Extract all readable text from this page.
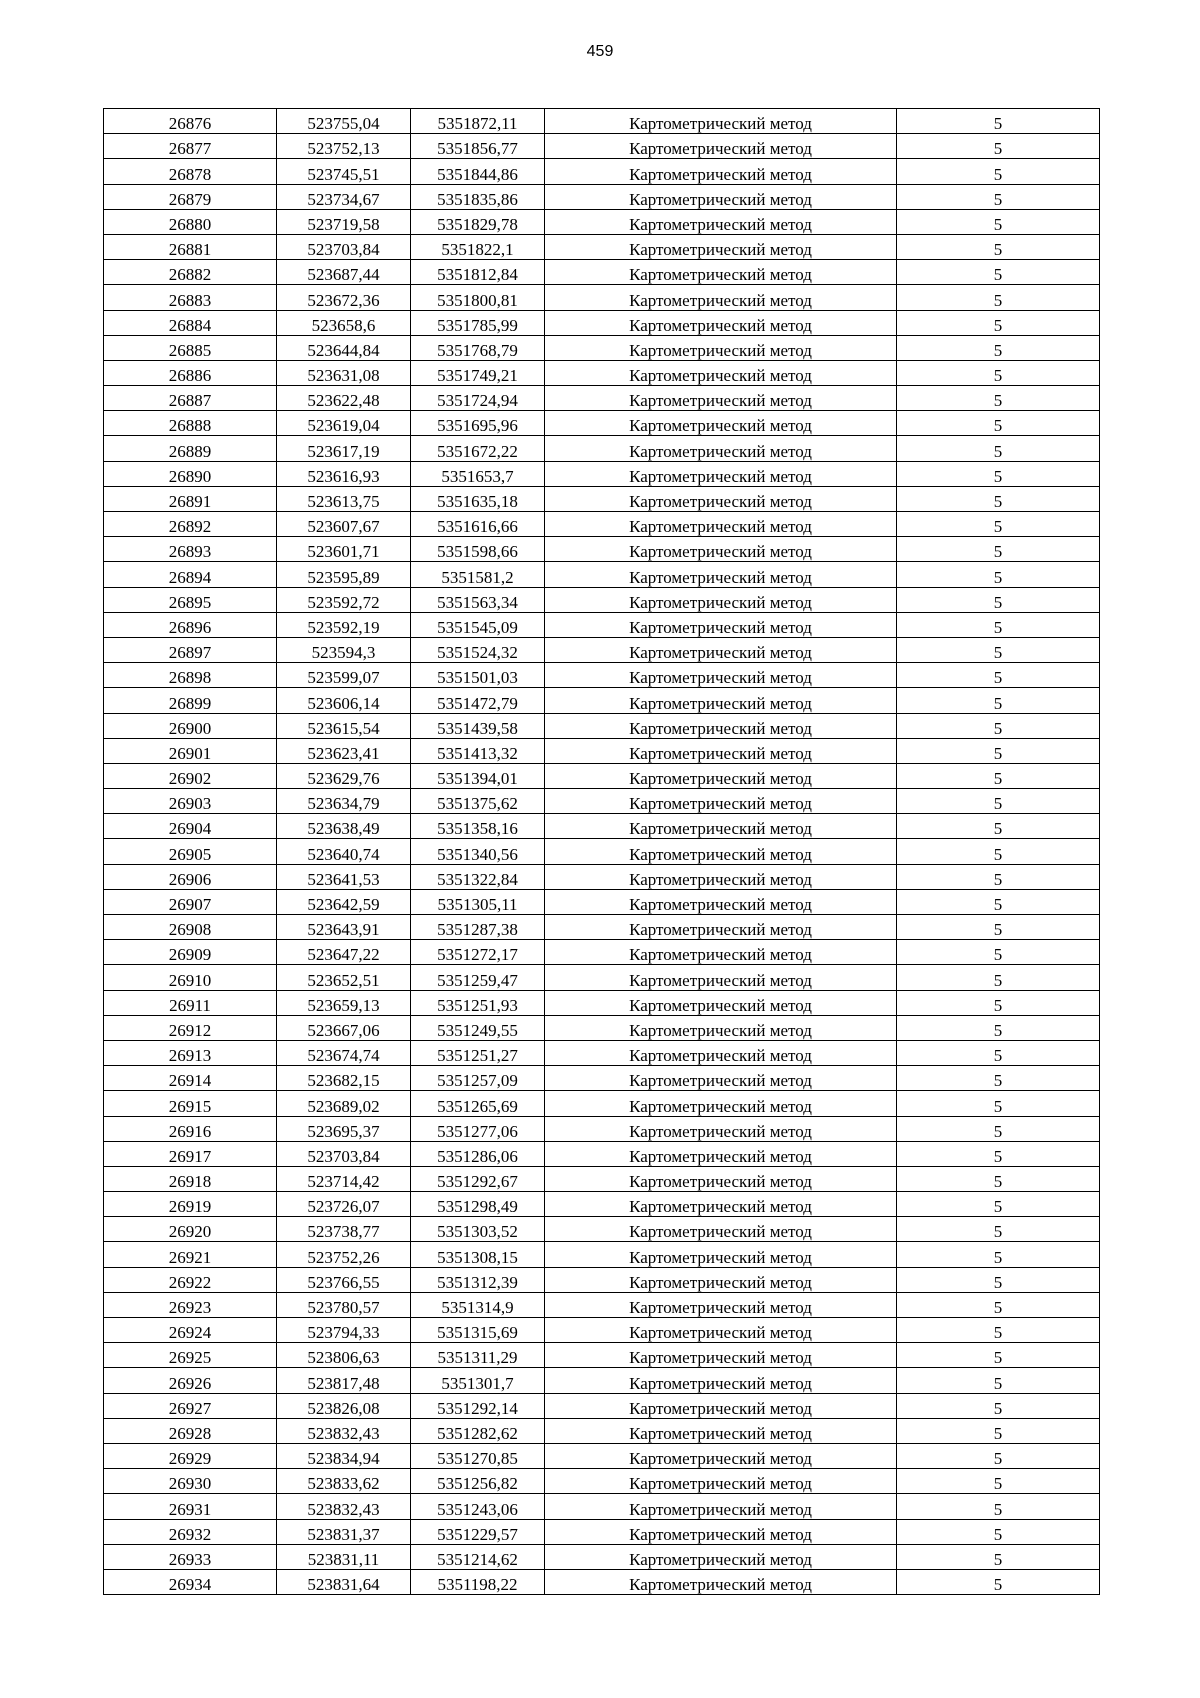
459
26876	523755,04	5351872,11	Картометрический метод	5
26877	523752,13	5351856,77	Картометрический метод	5
26878	523745,51	5351844,86	Картометрический метод	5
26879	523734,67	5351835,86	Картометрический метод	5
26880	523719,58	5351829,78	Картометрический метод	5
26881	523703,84	5351822,1	Картометрический метод	5
26882	523687,44	5351812,84	Картометрический метод	5
26883	523672,36	5351800,81	Картометрический метод	5
26884	523658,6	5351785,99	Картометрический метод	5
26885	523644,84	5351768,79	Картометрический метод	5
26886	523631,08	5351749,21	Картометрический метод	5
26887	523622,48	5351724,94	Картометрический метод	5
26888	523619,04	5351695,96	Картометрический метод	5
26889	523617,19	5351672,22	Картометрический метод	5
26890	523616,93	5351653,7	Картометрический метод	5
26891	523613,75	5351635,18	Картометрический метод	5
26892	523607,67	5351616,66	Картометрический метод	5
26893	523601,71	5351598,66	Картометрический метод	5
26894	523595,89	5351581,2	Картометрический метод	5
26895	523592,72	5351563,34	Картометрический метод	5
26896	523592,19	5351545,09	Картометрический метод	5
26897	523594,3	5351524,32	Картометрический метод	5
26898	523599,07	5351501,03	Картометрический метод	5
26899	523606,14	5351472,79	Картометрический метод	5
26900	523615,54	5351439,58	Картометрический метод	5
26901	523623,41	5351413,32	Картометрический метод	5
26902	523629,76	5351394,01	Картометрический метод	5
26903	523634,79	5351375,62	Картометрический метод	5
26904	523638,49	5351358,16	Картометрический метод	5
26905	523640,74	5351340,56	Картометрический метод	5
26906	523641,53	5351322,84	Картометрический метод	5
26907	523642,59	5351305,11	Картометрический метод	5
26908	523643,91	5351287,38	Картометрический метод	5
26909	523647,22	5351272,17	Картометрический метод	5
26910	523652,51	5351259,47	Картометрический метод	5
26911	523659,13	5351251,93	Картометрический метод	5
26912	523667,06	5351249,55	Картометрический метод	5
26913	523674,74	5351251,27	Картометрический метод	5
26914	523682,15	5351257,09	Картометрический метод	5
26915	523689,02	5351265,69	Картометрический метод	5
26916	523695,37	5351277,06	Картометрический метод	5
26917	523703,84	5351286,06	Картометрический метод	5
26918	523714,42	5351292,67	Картометрический метод	5
26919	523726,07	5351298,49	Картометрический метод	5
26920	523738,77	5351303,52	Картометрический метод	5
26921	523752,26	5351308,15	Картометрический метод	5
26922	523766,55	5351312,39	Картометрический метод	5
26923	523780,57	5351314,9	Картометрический метод	5
26924	523794,33	5351315,69	Картометрический метод	5
26925	523806,63	5351311,29	Картометрический метод	5
26926	523817,48	5351301,7	Картометрический метод	5
26927	523826,08	5351292,14	Картометрический метод	5
26928	523832,43	5351282,62	Картометрический метод	5
26929	523834,94	5351270,85	Картометрический метод	5
26930	523833,62	5351256,82	Картометрический метод	5
26931	523832,43	5351243,06	Картометрический метод	5
26932	523831,37	5351229,57	Картометрический метод	5
26933	523831,11	5351214,62	Картометрический метод	5
26934	523831,64	5351198,22	Картометрический метод	5
